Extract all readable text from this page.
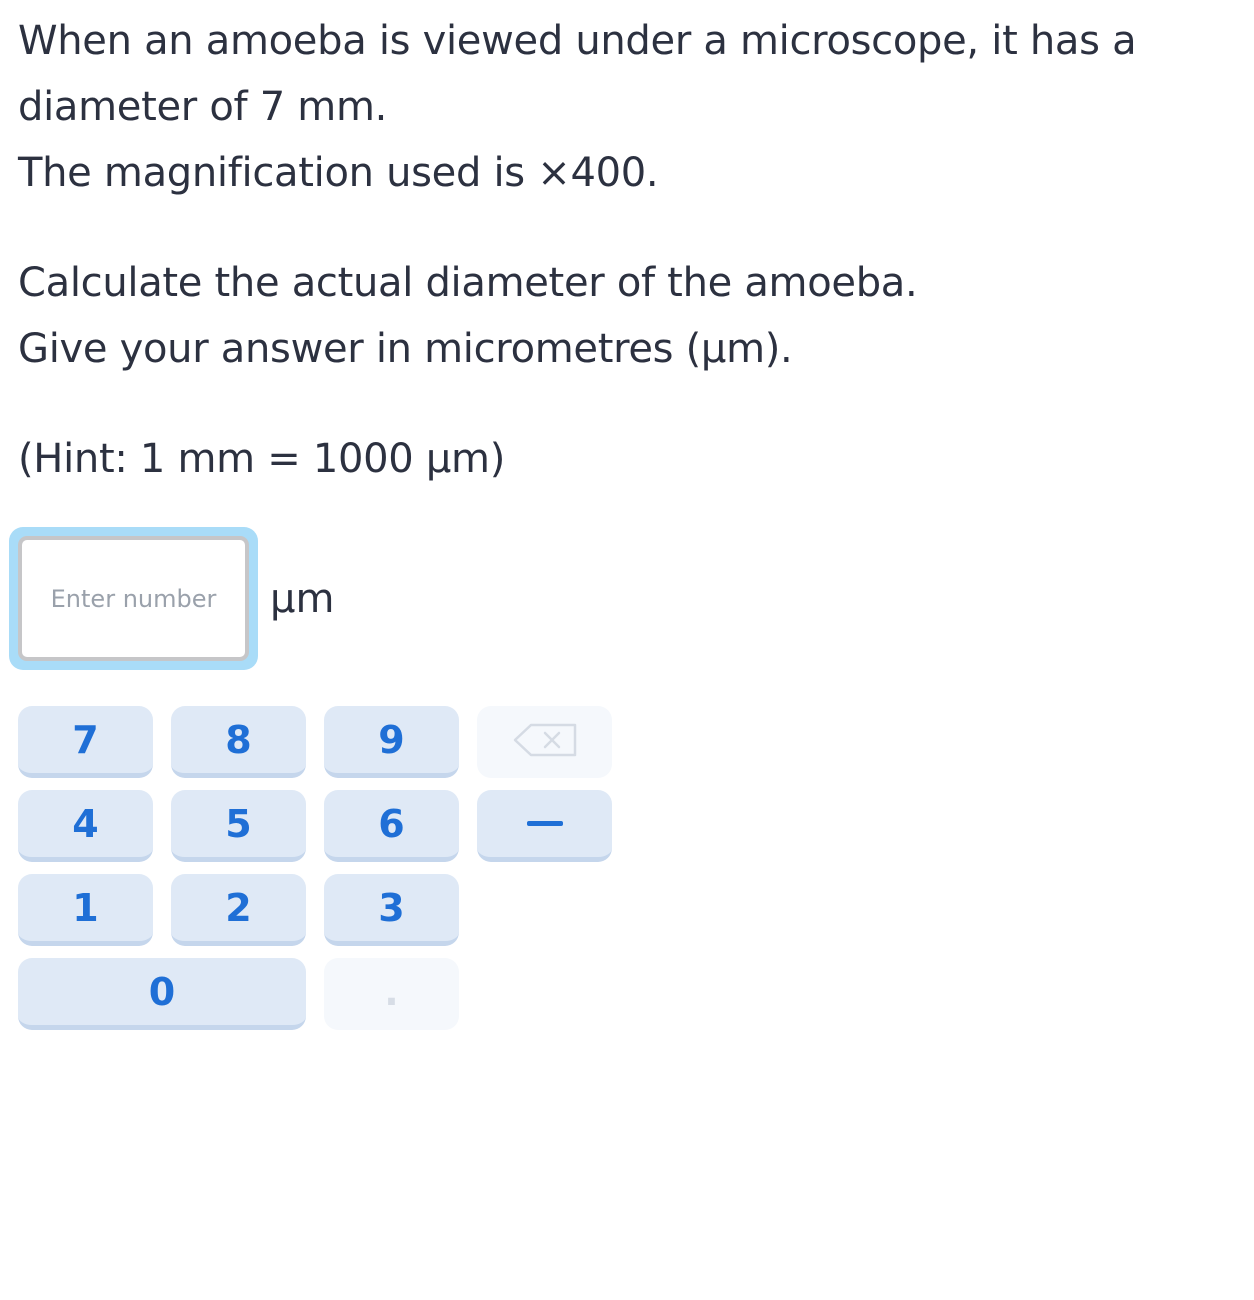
When an amoeba is viewed under a microscope, it has a

diameter of 7 mm.

The magnification used is ×400.

Calculate the actual diameter of the amoeba.

Give your answer in micrometres (µm).

(Hint: 1 mm = 1000 µm)

Enter number
µm
7	8	9
4	5	6
1	2	3
0	.
